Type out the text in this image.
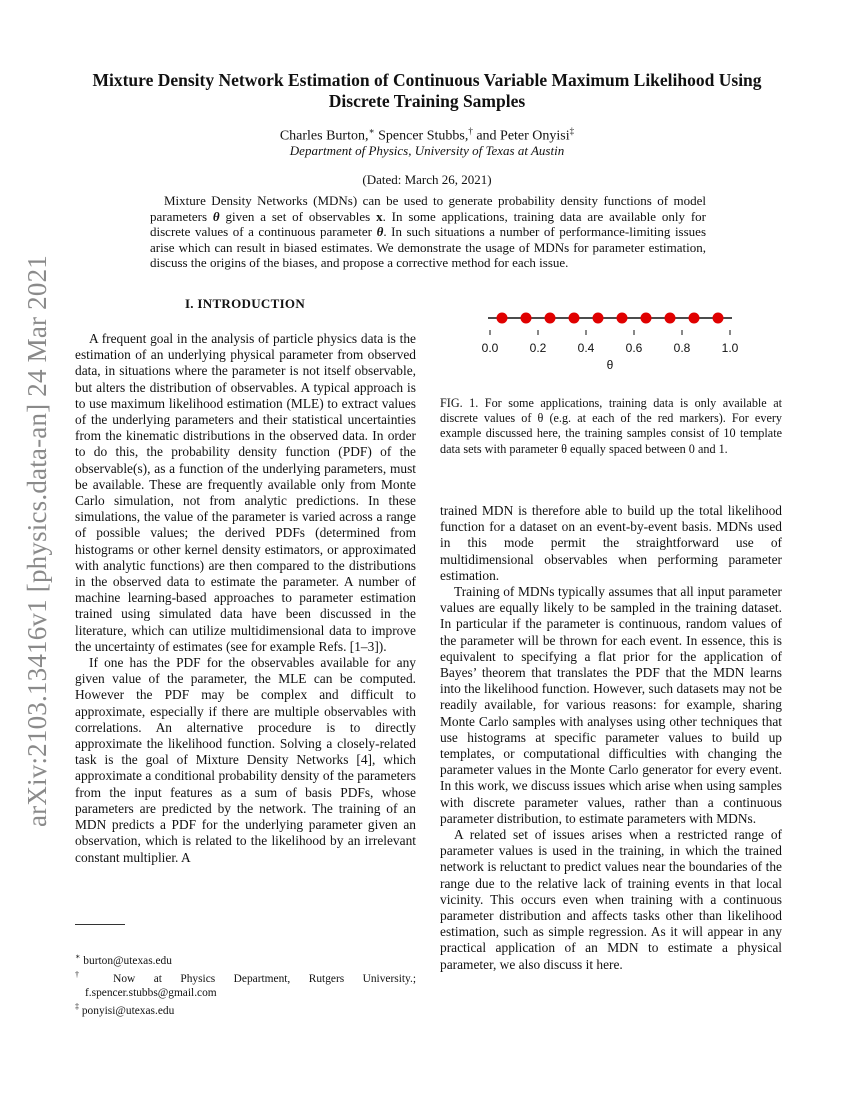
arXiv:2103.13416v1 [physics.data-an] 24 Mar 2021
Mixture Density Network Estimation of Continuous Variable Maximum Likelihood Using Discrete Training Samples
Charles Burton,∗ Spencer Stubbs,† and Peter Onyisi‡
Department of Physics, University of Texas at Austin
(Dated: March 26, 2021)
Mixture Density Networks (MDNs) can be used to generate probability density functions of model parameters θ given a set of observables x. In some applications, training data are available only for discrete values of a continuous parameter θ. In such situations a number of performance-limiting issues arise which can result in biased estimates. We demonstrate the usage of MDNs for parameter estimation, discuss the origins of the biases, and propose a corrective method for each issue.
I. INTRODUCTION

A frequent goal in the analysis of particle physics data is the estimation of an underlying physical parameter from observed data, in situations where the parameter is not itself observable, but alters the distribution of observables. A typical approach is to use maximum likelihood estimation (MLE) to extract values of the underlying parameters and their statistical uncertainties from the kinematic distributions in the observed data. In order to do this, the probability density function (PDF) of the observable(s), as a function of the underlying parameters, must be available. These are frequently available only from Monte Carlo simulation, not from analytic predictions. In these simulations, the value of the parameter is varied across a range of possible values; the derived PDFs (determined from histograms or other kernel density estimators, or approximated with analytic functions) are then compared to the distributions in the observed data to estimate the parameter. A number of machine learning-based approaches to parameter estimation trained using simulated data have been discussed in the literature, which can utilize multidimensional data to improve the uncertainty of estimates (see for example Refs. [1–3]).

If one has the PDF for the observables available for any given value of the parameter, the MLE can be computed. However the PDF may be complex and difficult to approximate, especially if there are multiple observables with correlations. An alternative procedure is to directly approximate the likelihood function. Solving a closely-related task is the goal of Mixture Density Networks [4], which approximate a conditional probability density of the parameters from the input features as a sum of basis PDFs, whose parameters are predicted by the network. The training of an MDN predicts a PDF for the underlying parameter given an observation, which is related to the likelihood by an irrelevant constant multiplier. A

∗ burton@utexas.edu

† Now at Physics Department, Rutgers University.;

f.spencer.stubbs@gmail.com

‡ ponyisi@utexas.edu

0.0	0.2	0.4	0.6	0.8	1.0
θ
FIG. 1. For some applications, training data is only available at discrete values of θ (e.g. at each of the red markers). For every example discussed here, the training samples consist of 10 template data sets with parameter θ equally spaced between 0 and 1.

trained MDN is therefore able to build up the total likelihood function for a dataset on an event-by-event basis. MDNs used in this mode permit the straightforward use of multidimensional observables when performing parameter estimation.

Training of MDNs typically assumes that all input parameter values are equally likely to be sampled in the training dataset. In particular if the parameter is continuous, random values of the parameter will be thrown for each event. In essence, this is equivalent to specifying a flat prior for the application of Bayes’ theorem that translates the PDF that the MDN learns into the likelihood function. However, such datasets may not be readily available, for various reasons: for example, sharing Monte Carlo samples with analyses using other techniques that use histograms at specific parameter values to build up templates, or computational difficulties with changing the parameter values in the Monte Carlo generator for every event. In this work, we discuss issues which arise when using samples with discrete parameter values, rather than a continuous parameter distribution, to estimate parameters with MDNs.

A related set of issues arises when a restricted range of parameter values is used in the training, in which the trained network is reluctant to predict values near the boundaries of the range due to the relative lack of training events in that local vicinity. This occurs even when training with a continuous parameter distribution and affects tasks other than likelihood estimation, such as simple regression. As it will appear in any practical application of an MDN to estimate a physical parameter, we also discuss it here.
